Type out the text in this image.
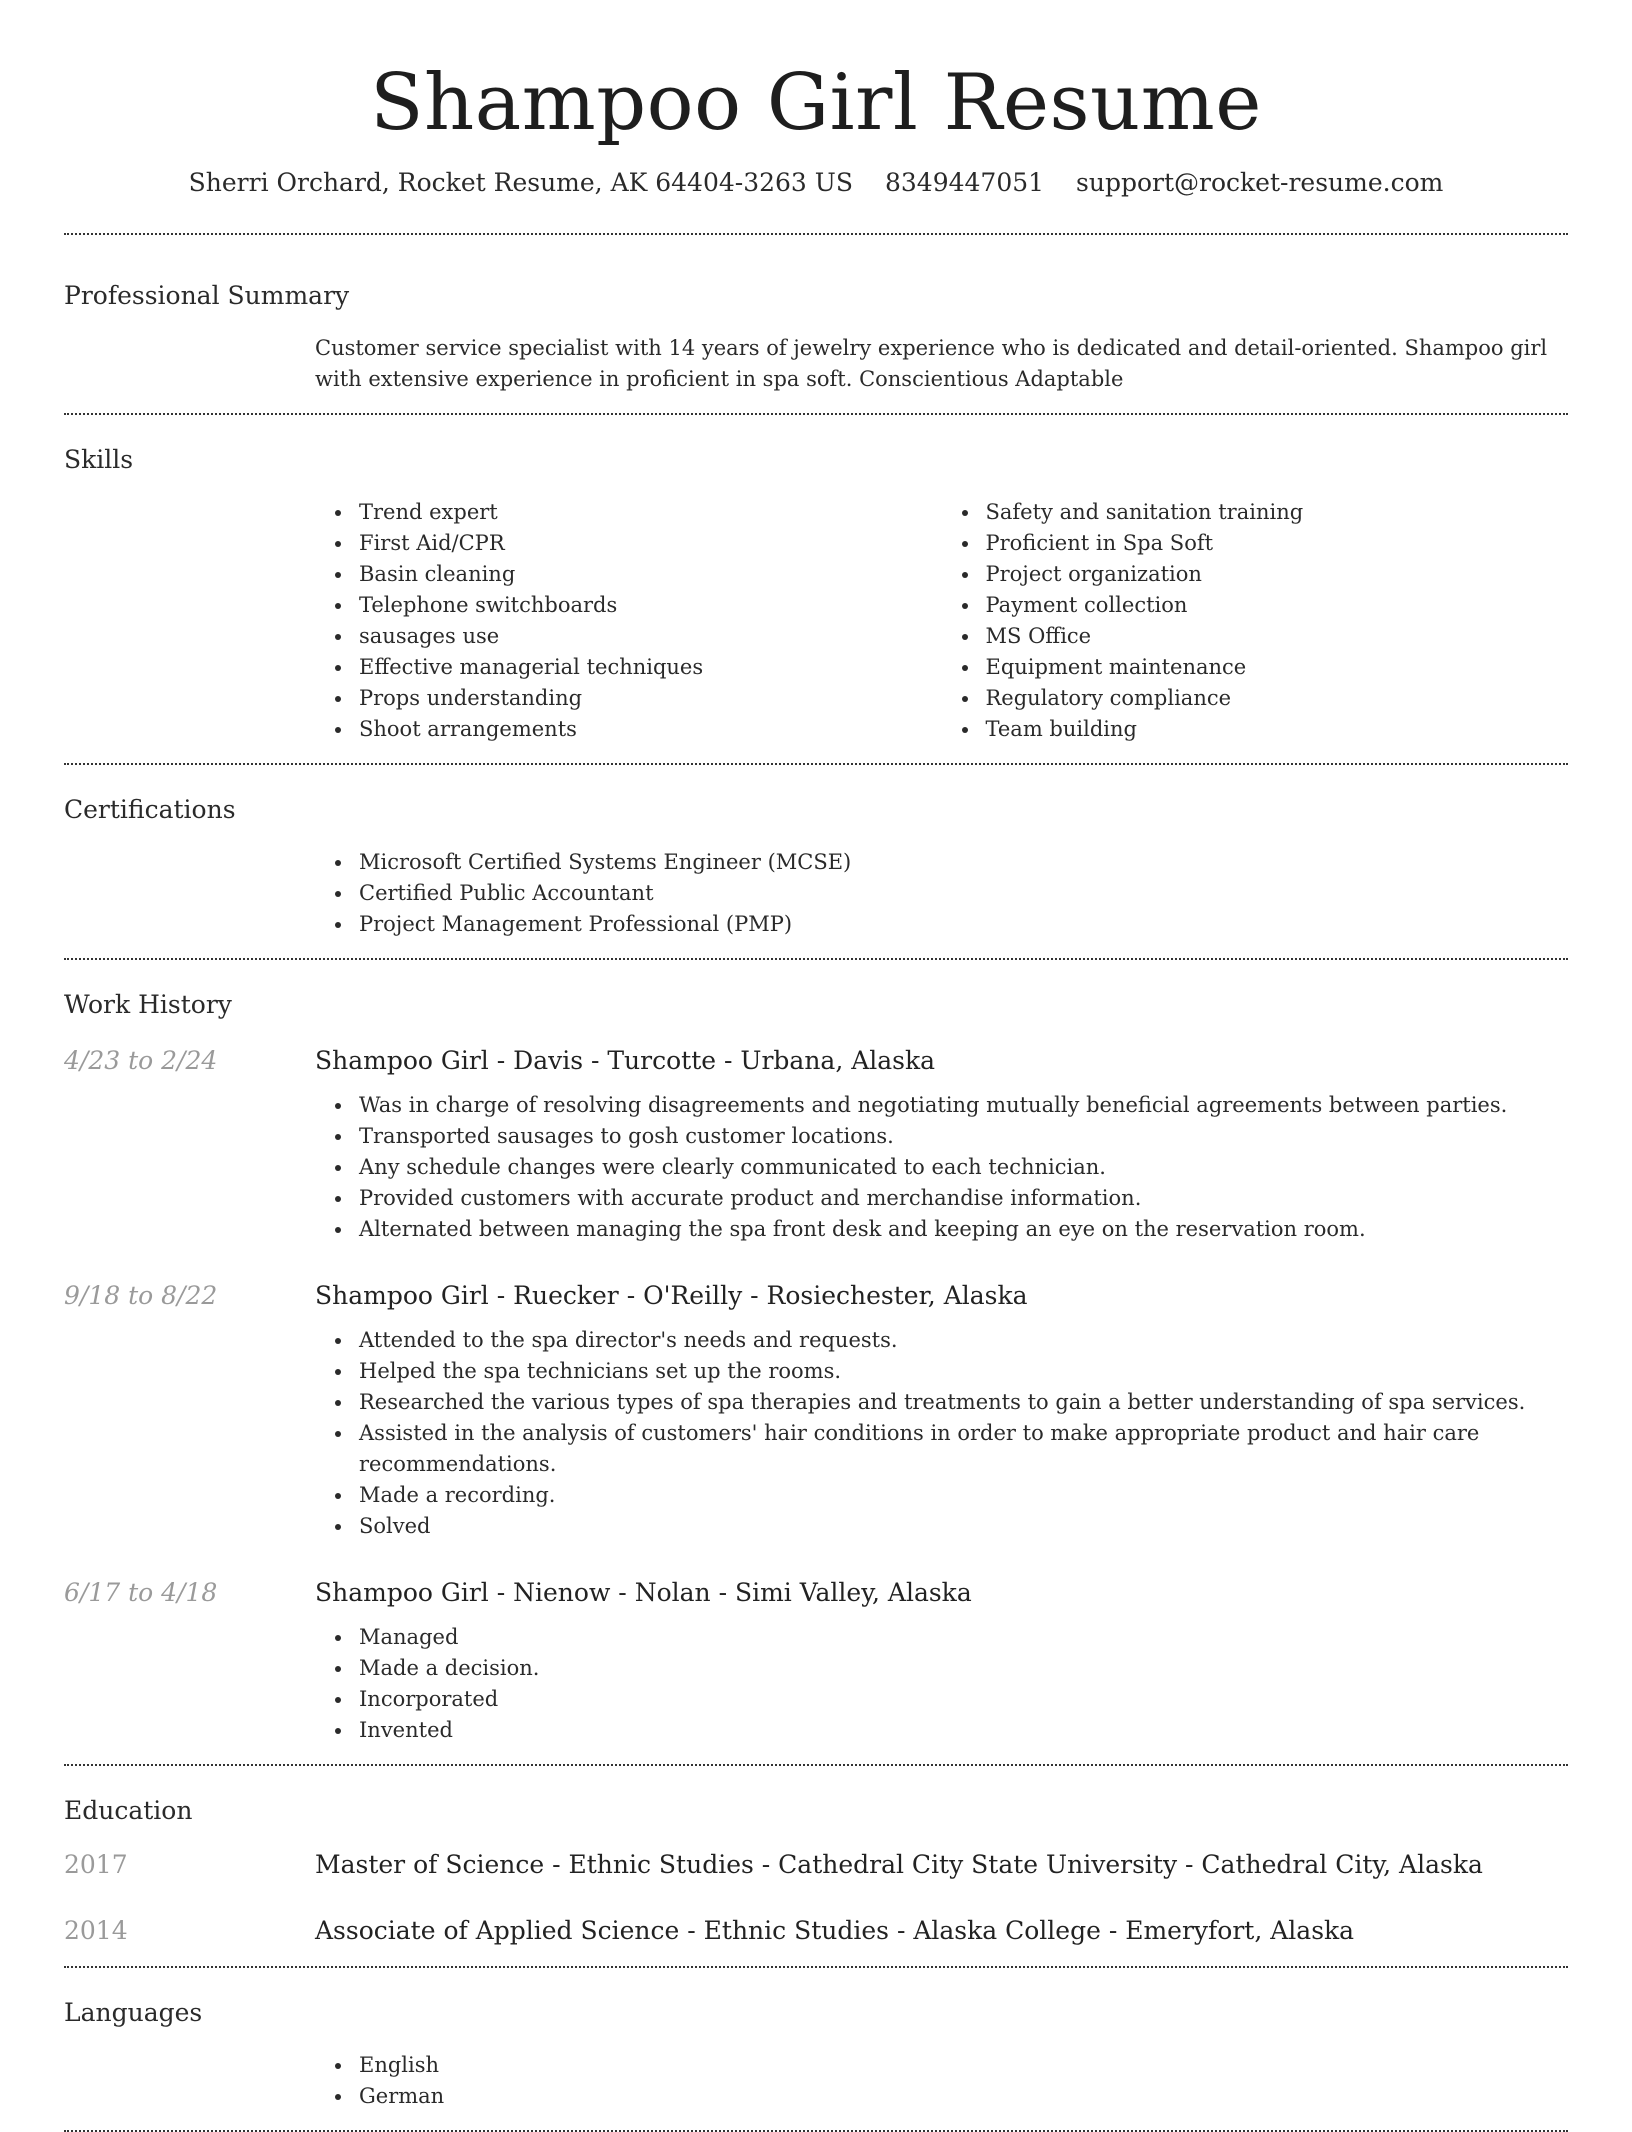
Shampoo Girl Resume
Sherri Orchard, Rocket Resume, AK 64404-3263 US 8349447051 support@rocket-resume.com
Professional Summary

Customer service specialist with 14 years of jewelry experience who is dedicated and detail-oriented. Shampoo girl with extensive experience in proficient in spa soft. Conscientious Adaptable

Skills
Trend expert
First Aid/CPR
Basin cleaning
Telephone switchboards
sausages use
Effective managerial techniques
Props understanding
Shoot arrangements
Safety and sanitation training
Proficient in Spa Soft
Project organization
Payment collection
MS Office
Equipment maintenance
Regulatory compliance
Team building
Certifications
Microsoft Certified Systems Engineer (MCSE)
Certified Public Accountant
Project Management Professional (PMP)
Work History
4/23 to 2/24	Shampoo Girl - Davis - Turcotte - Urbana, Alaska
Was in charge of resolving disagreements and negotiating mutually beneficial agreements between parties.
Transported sausages to gosh customer locations.
Any schedule changes were clearly communicated to each technician.
Provided customers with accurate product and merchandise information.
Alternated between managing the spa front desk and keeping an eye on the reservation room.
9/18 to 8/22	Shampoo Girl - Ruecker - O'Reilly - Rosiechester, Alaska
Attended to the spa director's needs and requests.
Helped the spa technicians set up the rooms.
Researched the various types of spa therapies and treatments to gain a better understanding of spa services.
Assisted in the analysis of customers' hair conditions in order to make appropriate product and hair care recommendations.
Made a recording.
Solved
6/17 to 4/18	Shampoo Girl - Nienow - Nolan - Simi Valley, Alaska
Managed
Made a decision.
Incorporated
Invented
Education
2017	Master of Science - Ethnic Studies - Cathedral City State University - Cathedral City, Alaska
2014	Associate of Applied Science - Ethnic Studies - Alaska College - Emeryfort, Alaska
Languages
English
German
